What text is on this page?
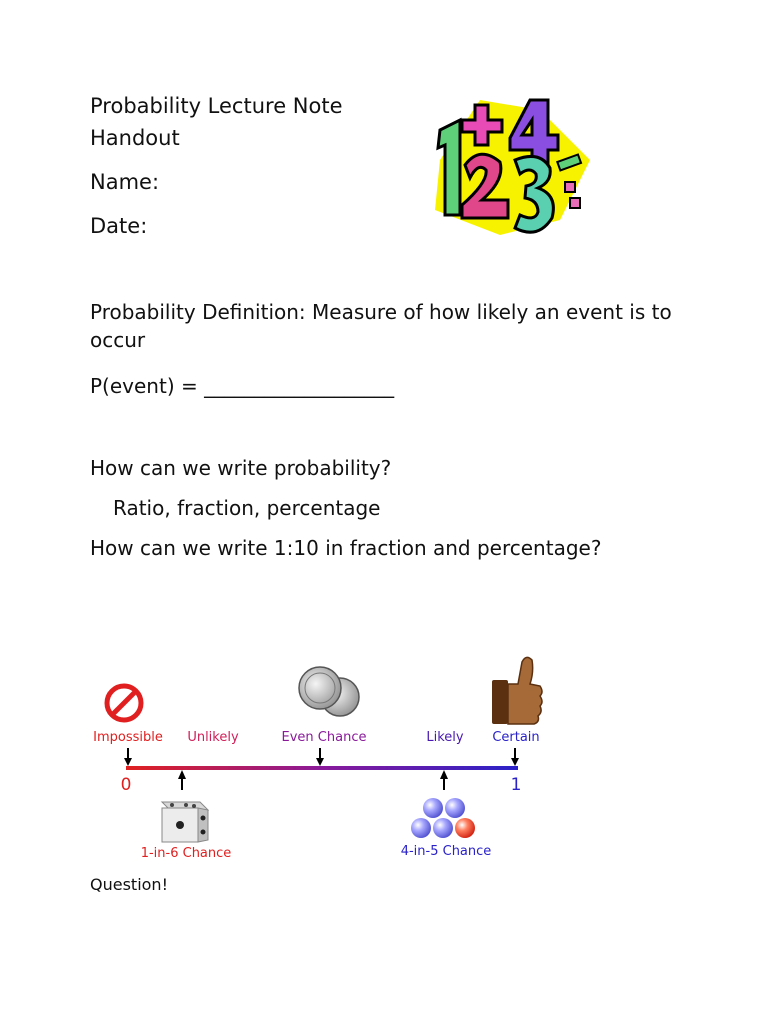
Probability Lecture Note
Handout
Name:
Date:
Probability Definition: Measure of how likely an event is to
occur
P(event) = ___________________
How can we write probability?
Ratio, fraction, percentage
How can we write 1:10 in fraction and percentage?
Impossible Unlikely	Even Chance	Likely Certain
0	1
1-in-6 Chance	4-in-5 Chance
Question!
